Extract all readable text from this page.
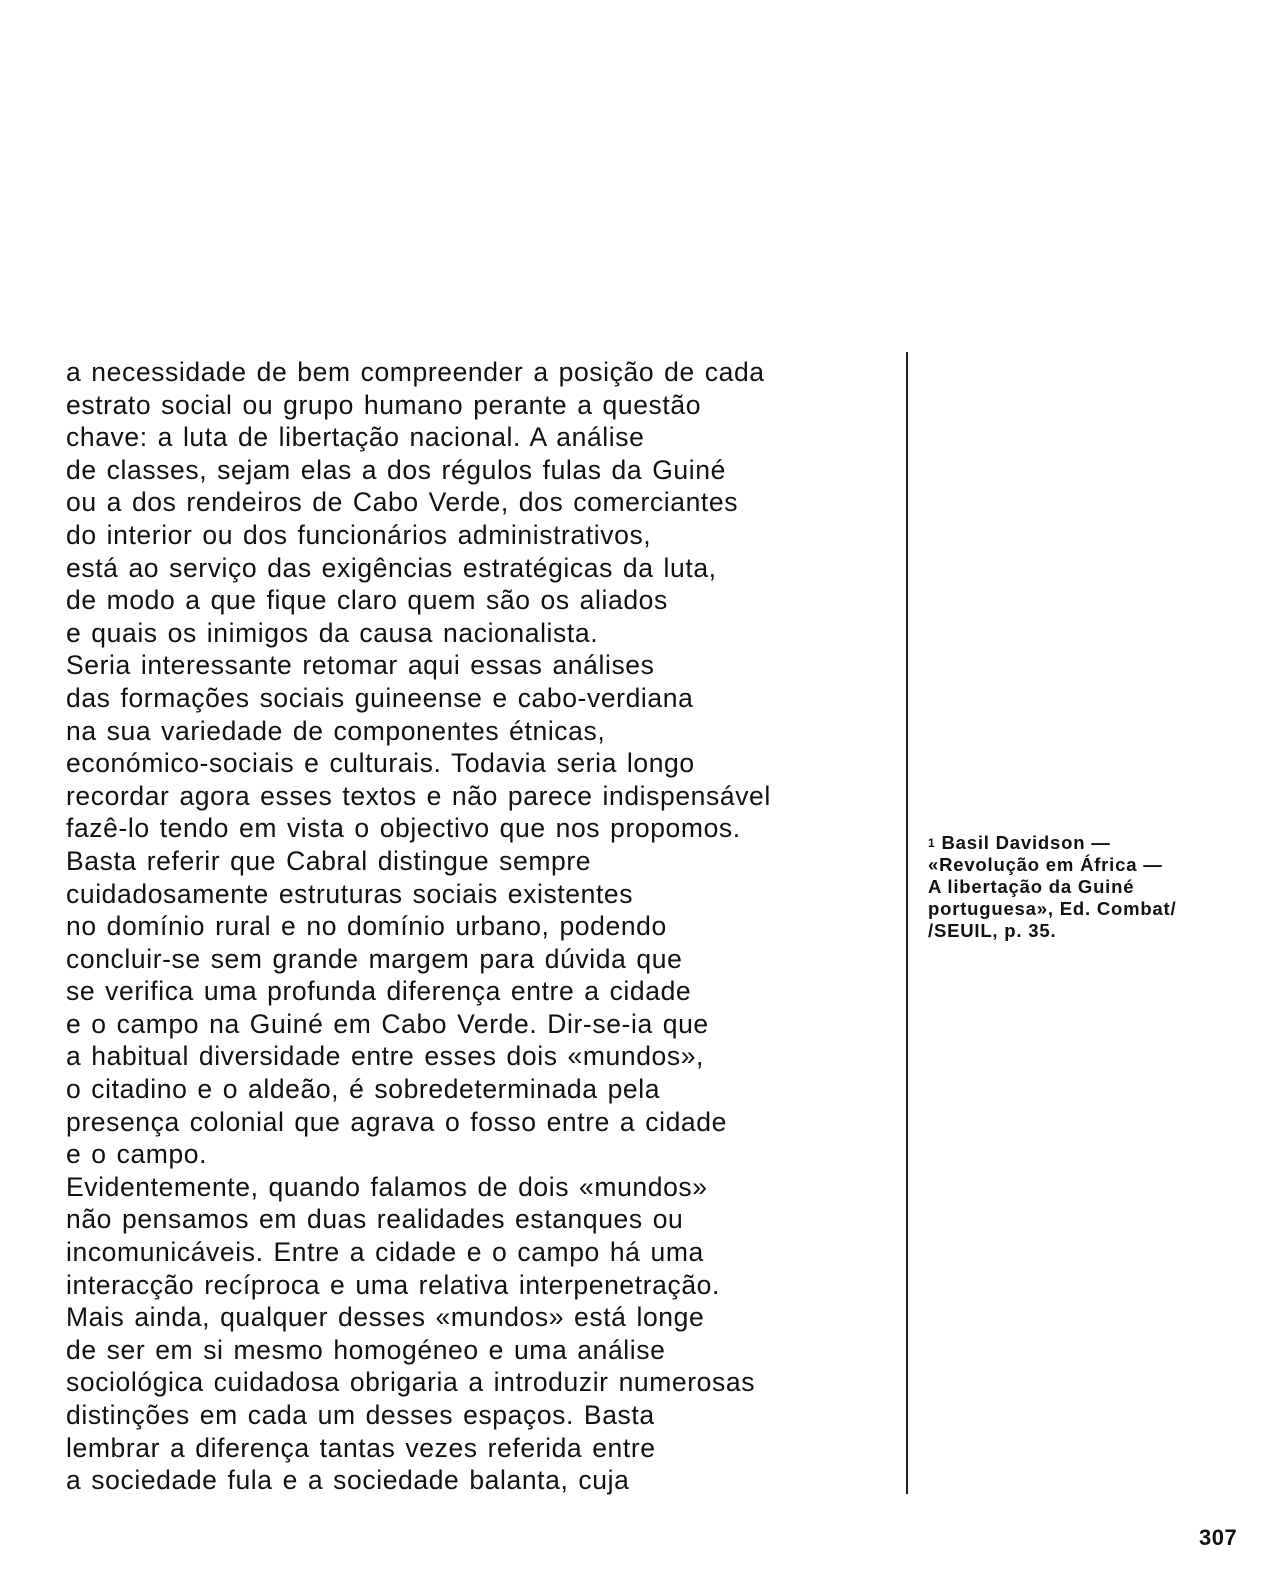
a necessidade de bem compreender a posição de cada
estrato social ou grupo humano perante a questão
chave: a luta de libertação nacional. A análise
de classes, sejam elas a dos régulos fulas da Guiné
ou a dos rendeiros de Cabo Verde, dos comerciantes
do interior ou dos funcionários administrativos,
está ao serviço das exigências estratégicas da luta,
de modo a que fique claro quem são os aliados
e quais os inimigos da causa nacionalista.
Seria interessante retomar aqui essas análises
das formações sociais guineense e cabo-verdiana
na sua variedade de componentes étnicas,
económico-sociais e culturais. Todavia seria longo
recordar agora esses textos e não parece indispensável
fazê-lo tendo em vista o objectivo que nos propomos.
Basta referir que Cabral distingue sempre
cuidadosamente estruturas sociais existentes
no domínio rural e no domínio urbano, podendo
concluir-se sem grande margem para dúvida que
se verifica uma profunda diferença entre a cidade
e o campo na Guiné em Cabo Verde. Dir-se-ia que
a habitual diversidade entre esses dois «mundos»,
o citadino e o aldeão, é sobredeterminada pela
presença colonial que agrava o fosso entre a cidade
e o campo.
Evidentemente, quando falamos de dois «mundos»
não pensamos em duas realidades estanques ou
incomunicáveis. Entre a cidade e o campo há uma
interacção recíproca e uma relativa interpenetração.
Mais ainda, qualquer desses «mundos» está longe
de ser em si mesmo homogéneo e uma análise
sociológica cuidadosa obrigaria a introduzir numerosas
distinções em cada um desses espaços. Basta
lembrar a diferença tantas vezes referida entre
a sociedade fula e a sociedade balanta, cuja
$^1$ Basil Davidson —
«Revolução em África —
A libertação da Guiné
portuguesa», Ed. Combat/
/SEUIL, p. 35.
307
